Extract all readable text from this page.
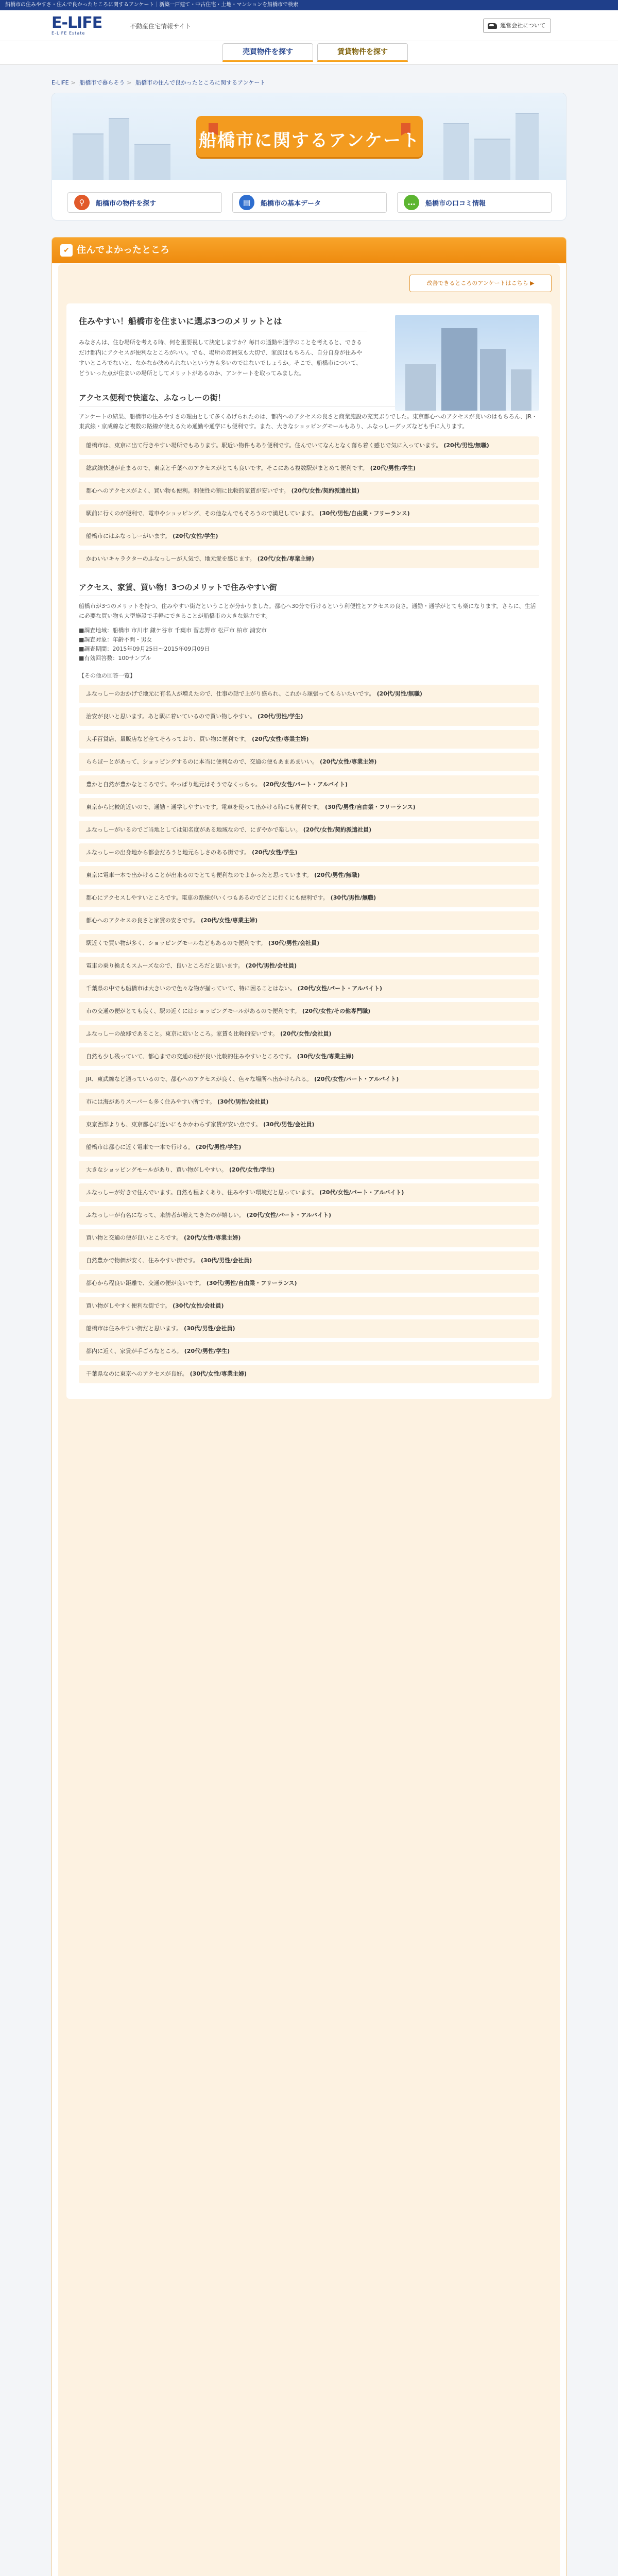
船橋市の住みやすさ・住んで良かったところに関するアンケート｜新築一戸建て・中古住宅・土地・マンションを船橋市で検索
E-LIFE
E-LIFE Estate
不動産住宅情報サイト	運営会社について
売買物件を探す	賃貸物件を探す
E-LIFE > 船橋市で暮らそう > 船橋市の住んで良かったところに関するアンケート
船橋市に関するアンケート
⚲	船橋市の物件を探す	▤	船橋市の基本データ	…	船橋市の口コミ情報
✔ 住んでよかったところ
改善できるところのアンケートはこちら ▶
住みやすい！船橋市を住まいに選ぶ3つのメリットとは
みなさんは、住む場所を考える時、何を重要視して決定しますか？毎日の通勤や通学のことを考えると、できるだけ都内にアクセスが便利なところがいい。でも、場所の雰囲気も大切で、家族はもちろん、自分自身が住みやすいところでないと、なかなか決められないという方も多いのではないでしょうか。そこで、船橋市について、どういった点が住まいの場所としてメリットがあるのか、アンケートを取ってみました。
アクセス便利で快適な、ふなっしーの街！
アンケートの結果、船橋市の住みやすさの理由として多くあげられたのは、都内へのアクセスの良さと商業施設の充実ぶりでした。東京都心へのアクセスが良いのはもちろん、JR・東武線・京成線など複数の路線が使えるため通勤や通学にも便利です。また、大きなショッピングモールもあり、ふなっしーグッズなども手に入ります。
船橋市は、東京に出て行きやすい場所でもあります。駅近い物件もあり便利です。住んでいてなんとなく落ち着く感じで気に入っています。 (20代/男性/無職)
総武線快速が止まるので、東京と千葉へのアクセスがとても良いです。そこにある複数駅がまとめて便利です。 (20代/男性/学生)
都心へのアクセスがよく、買い物も便利。利便性の割に比較的家賃が安いです。 (20代/女性/契約派遣社員)
駅前に行くのが便利で、電車やショッピング、その他なんでもそろうので満足しています。 (30代/男性/自由業・フリーランス)
船橋市にはふなっしーがいます。 (20代/女性/学生)
かわいいキャラクターのふなっしーが人気で、地元愛を感じます。 (20代/女性/専業主婦)
アクセス、家賃、買い物！3つのメリットで住みやすい街
船橋市が3つのメリットを持つ、住みやすい街だということが分かりました。都心へ30分で行けるという利便性とアクセスの良さ。通勤・通学がとても楽になります。さらに、生活に必要な買い物も大型施設で手軽にできることが船橋市の大きな魅力です。
■調査地域：船橋市 市川市 鎌ケ谷市 千葉市 習志野市 松戸市 柏市 浦安市
■調査対象：年齢不問・男女
■調査期間：2015年09月25日〜2015年09月09日
■有効回答数：100サンプル
【その他の回答一覧】
ふなっしーのおかげで地元に有名人が増えたので、仕事の話で上がり盛られ、これから頑張ってもらいたいです。 (20代/男性/無職)
治安が良いと思います。あと駅に着いているので買い物しやすい。 (20代/男性/学生)
大手百貨店、量販店など全てそろっており、買い物に便利です。 (20代/女性/専業主婦)
ららぽーとがあって、ショッピングするのに本当に便利なので、交通の便もあまあまいい。 (20代/女性/専業主婦)
豊かと自然が豊かなところです。やっぱり地元はそうでなくっちゃ。 (20代/女性/パート・アルバイト)
東京から比較的近いので、通勤・通学しやすいです。電車を使って出かける時にも便利です。 (30代/男性/自由業・フリーランス)
ふなっしーがいるのでご当地としては知名度がある地域なので、にぎやかで楽しい。 (20代/女性/契約派遣社員)
ふなっしーの出身地から都会だろうと地元らしさのある街です。 (20代/女性/学生)
東京に電車一本で出かけることが出来るのでとても便利なのでよかったと思っています。 (20代/男性/無職)
都心にアクセスしやすいところです。電車の路線がいくつもあるのでどこに行くにも便利です。 (30代/男性/無職)
都心へのアクセスの良さと家賃の安さです。 (20代/女性/専業主婦)
駅近くで買い物が多く、ショッピングモールなどもあるので便利です。 (30代/男性/会社員)
電車の乗り換えもスムーズなので、良いところだと思います。 (20代/男性/会社員)
千葉県の中でも船橋市は大きいので色々な物が揃っていて、特に困ることはない。 (20代/女性/パート・アルバイト)
市の交通の便がとても良く、駅の近くにはショッピングモールがあるので便利です。 (20代/女性/その他専門職)
ふなっしーの故郷であること。東京に近いところ。家賃も比較的安いです。 (20代/女性/会社員)
自然も少し残っていて、都心までの交通の便が良い比較的住みやすいところです。 (30代/女性/専業主婦)
JR、東武線など通っているので、都心へのアクセスが良く、色々な場所へ出かけられる。 (20代/女性/パート・アルバイト)
市には海がありスーパーも多く住みやすい所です。 (30代/男性/会社員)
東京西部よりも、東京都心に近いにもかかわらず家賃が安い点です。 (30代/男性/会社員)
船橋市は都心に近く電車で一本で行ける。 (20代/男性/学生)
大きなショッピングモールがあり、買い物がしやすい。 (20代/女性/学生)
ふなっしーが好きで住んでいます。自然も程よくあり、住みやすい環境だと思っています。 (20代/女性/パート・アルバイト)
ふなっしーが有名になって、来訪者が増えてきたのが嬉しい。 (20代/女性/パート・アルバイト)
買い物と交通の便が良いところです。 (20代/女性/専業主婦)
自然豊かで物価が安く、住みやすい街です。 (30代/男性/会社員)
都心から程良い距離で、交通の便が良いです。 (30代/男性/自由業・フリーランス)
買い物がしやすく便利な街です。 (30代/女性/会社員)
船橋市は住みやすい街だと思います。 (30代/男性/会社員)
都内に近く、家賃が手ごろなところ。 (20代/男性/学生)
千葉県なのに東京へのアクセスが良好。 (30代/女性/専業主婦)
